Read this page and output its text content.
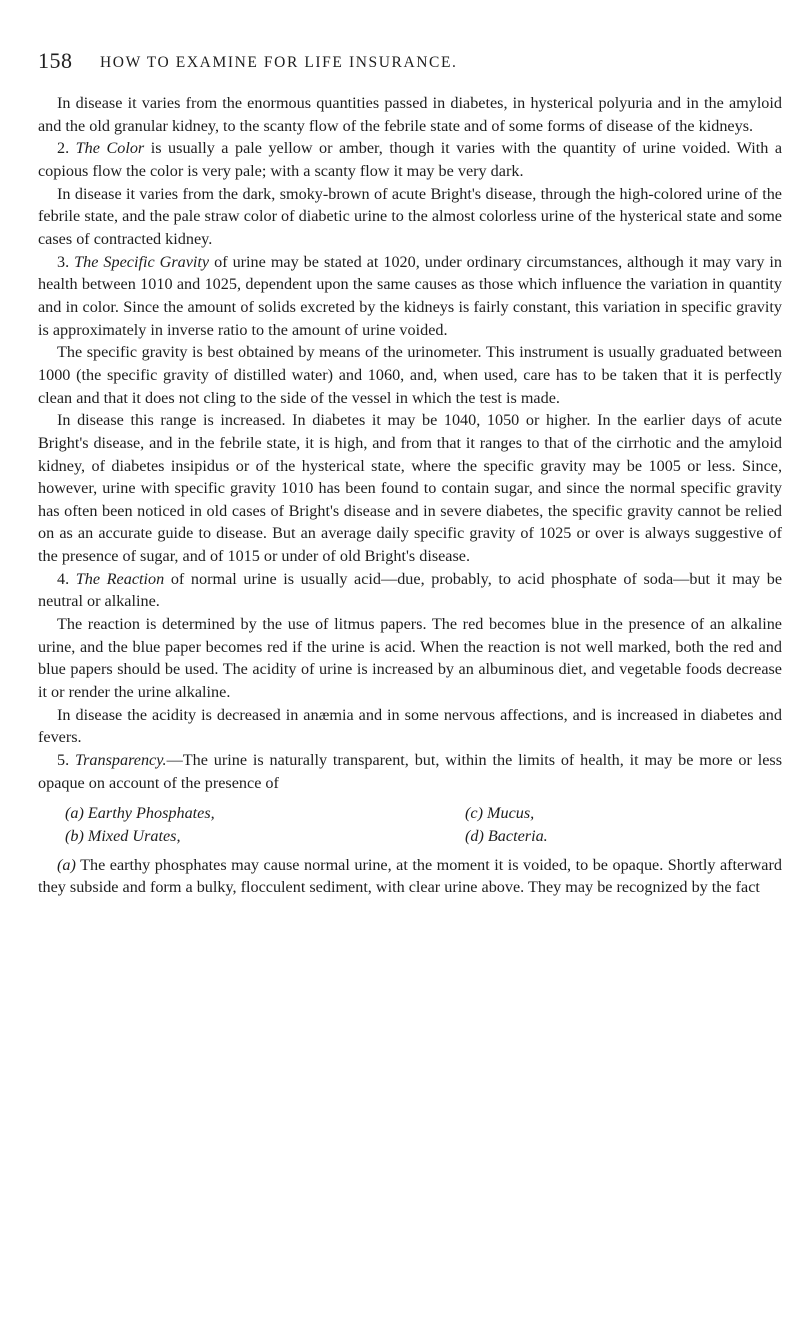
158 HOW TO EXAMINE FOR LIFE INSURANCE.

In disease it varies from the enormous quantities passed in diabetes, in hysterical polyuria and in the amyloid and the old granular kidney, to the scanty flow of the febrile state and of some forms of disease of the kidneys.

2. The Color is usually a pale yellow or amber, though it varies with the quantity of urine voided. With a copious flow the color is very pale; with a scanty flow it may be very dark.

In disease it varies from the dark, smoky-brown of acute Bright's disease, through the high-colored urine of the febrile state, and the pale straw color of diabetic urine to the almost colorless urine of the hysterical state and some cases of contracted kidney.

3. The Specific Gravity of urine may be stated at 1020, under ordinary circumstances, although it may vary in health between 1010 and 1025, dependent upon the same causes as those which influence the variation in quantity and in color. Since the amount of solids excreted by the kidneys is fairly constant, this variation in specific gravity is approximately in inverse ratio to the amount of urine voided.

The specific gravity is best obtained by means of the urinometer. This instrument is usually graduated between 1000 (the specific gravity of distilled water) and 1060, and, when used, care has to be taken that it is perfectly clean and that it does not cling to the side of the vessel in which the test is made.

In disease this range is increased. In diabetes it may be 1040, 1050 or higher. In the earlier days of acute Bright's disease, and in the febrile state, it is high, and from that it ranges to that of the cirrhotic and the amyloid kidney, of diabetes insipidus or of the hysterical state, where the specific gravity may be 1005 or less. Since, however, urine with specific gravity 1010 has been found to contain sugar, and since the normal specific gravity has often been noticed in old cases of Bright's disease and in severe diabetes, the specific gravity cannot be relied on as an accurate guide to disease. But an average daily specific gravity of 1025 or over is always suggestive of the presence of sugar, and of 1015 or under of old Bright's disease.

4. The Reaction of normal urine is usually acid—due, probably, to acid phosphate of soda—but it may be neutral or alkaline.

The reaction is determined by the use of litmus papers. The red becomes blue in the presence of an alkaline urine, and the blue paper becomes red if the urine is acid. When the reaction is not well marked, both the red and blue papers should be used. The acidity of urine is increased by an albuminous diet, and vegetable foods decrease it or render the urine alkaline.

In disease the acidity is decreased in anæmia and in some nervous affections, and is increased in diabetes and fevers.

5. Transparency.—The urine is naturally transparent, but, within the limits of health, it may be more or less opaque on account of the presence of

(a) Earthy Phosphates,	(c) Mucus,
(b) Mixed Urates,	(d) Bacteria.

(a) The earthy phosphates may cause normal urine, at the moment it is voided, to be opaque. Shortly afterward they subside and form a bulky, flocculent sediment, with clear urine above. They may be recognized by the fact
